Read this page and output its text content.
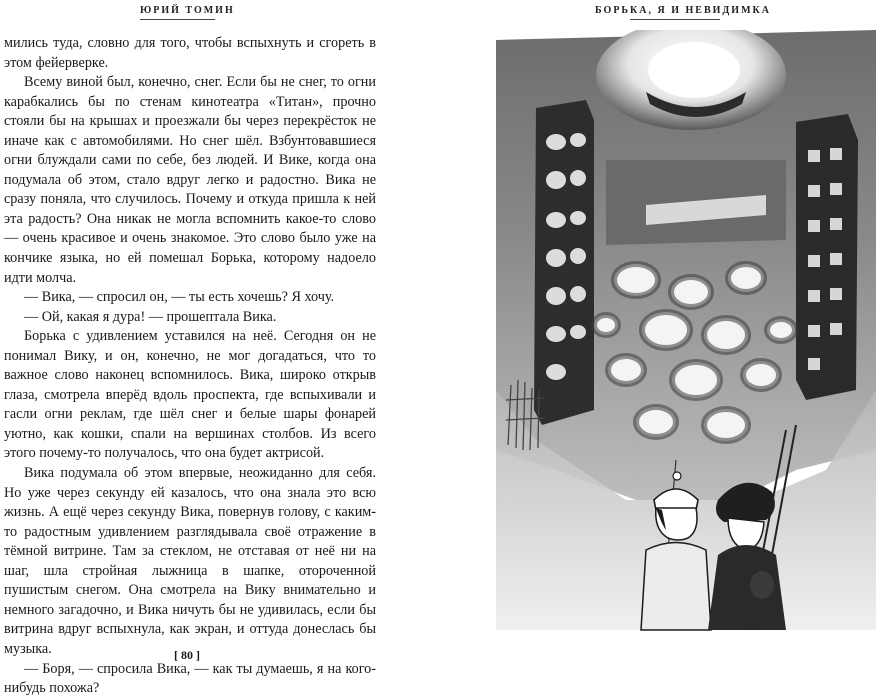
ЮРИЙ ТОМИН

мились туда, словно для того, чтобы вспыхнуть и сгореть в этом фейерверке.

Всему виной был, конечно, снег. Если бы не снег, то огни карабкались бы по стенам кинотеатра «Титан», прочно стояли бы на крышах и проезжали бы через перекрёсток не иначе как с автомобилями. Но снег шёл. Взбунтовавшиеся огни блуждали сами по себе, без людей. И Вике, когда она подумала об этом, стало вдруг легко и радостно. Вика не сразу поняла, что случилось. Почему и откуда пришла к ней эта радость? Она никак не могла вспомнить какое-то слово — очень красивое и очень знакомое. Это слово было уже на кончике языка, но ей помешал Борька, которому надоело идти молча.

— Вика, — спросил он, — ты есть хочешь? Я хочу.

— Ой, какая я дура! — прошептала Вика.

Борька с удивлением уставился на неё. Сегодня он не понимал Вику, и он, конечно, не мог догадаться, что то важное слово наконец вспомнилось. Вика, широко открыв глаза, смотрела вперёд вдоль проспекта, где вспыхивали и гасли огни реклам, где шёл снег и белые шары фонарей уютно, как кошки, спали на вершинах столбов. Из всего этого почему-то получалось, что она будет актрисой.

Вика подумала об этом впервые, неожиданно для себя. Но уже через секунду ей казалось, что она знала это всю жизнь. А ещё через секунду Вика, повернув голову, с каким-то радостным удивлением разглядывала своё отражение в тёмной витрине. Там за стеклом, не отставая от неё ни на шаг, шла стройная лыжница в шапке, отороченной пушистым снегом. Она смотрела на Вику внимательно и немного загадочно, и Вика ничуть бы не удивилась, если бы витрина вдруг вспыхнула, как экран, и оттуда донеслась бы музыка.

— Боря, — спросила Вика, — как ты думаешь, я на кого-нибудь похожа?

[ 80 ]
БОРЬКА, Я И НЕВИДИМКА
